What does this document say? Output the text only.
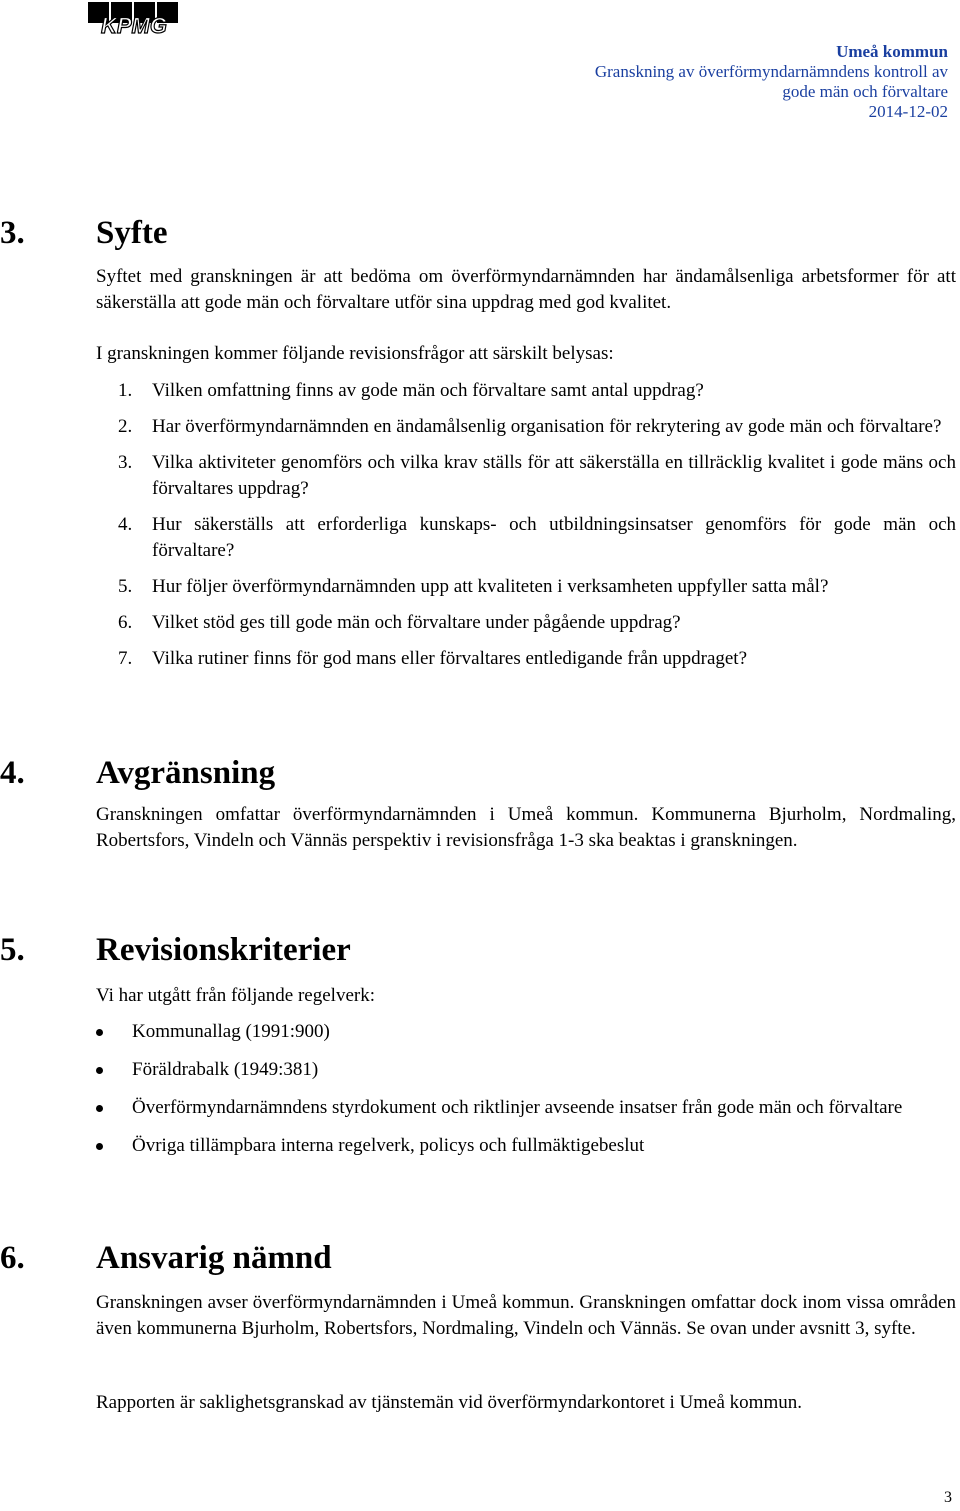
KPMG
Umeå kommun
Granskning av överförmyndarnämndens kontroll av
gode män och förvaltare
2014-12-02
3. Syfte
Syftet med granskningen är att bedöma om överförmyndarnämnden har ändamålsenliga arbetsformer för att säkerställa att gode män och förvaltare utför sina uppdrag med god kvalitet.
I granskningen kommer följande revisionsfrågor att särskilt belysas:
1. Vilken omfattning finns av gode män och förvaltare samt antal uppdrag?
2. Har överförmyndarnämnden en ändamålsenlig organisation för rekrytering av gode män och förvaltare?
3. Vilka aktiviteter genomförs och vilka krav ställs för att säkerställa en tillräcklig kvalitet i gode mäns och förvaltares uppdrag?
4. Hur säkerställs att erforderliga kunskaps- och utbildningsinsatser genomförs för gode män och förvaltare?
5. Hur följer överförmyndarnämnden upp att kvaliteten i verksamheten uppfyller satta mål?
6. Vilket stöd ges till gode män och förvaltare under pågående uppdrag?
7. Vilka rutiner finns för god mans eller förvaltares entledigande från uppdraget?
4. Avgränsning
Granskningen omfattar överförmyndarnämnden i Umeå kommun. Kommunerna Bjurholm, Nordmaling, Robertsfors, Vindeln och Vännäs perspektiv i revisionsfråga 1-3 ska beaktas i granskningen.
5. Revisionskriterier
Vi har utgått från följande regelverk:
Kommunallag (1991:900)
Föräldrabalk (1949:381)
Överförmyndarnämndens styrdokument och riktlinjer avseende insatser från gode män och förvaltare
Övriga tillämpbara interna regelverk, policys och fullmäktigebeslut
6. Ansvarig nämnd
Granskningen avser överförmyndarnämnden i Umeå kommun. Granskningen omfattar dock inom vissa områden även kommunerna Bjurholm, Robertsfors, Nordmaling, Vindeln och Vännäs. Se ovan under avsnitt 3, syfte.
Rapporten är saklighetsgranskad av tjänstemän vid överförmyndarkontoret i Umeå kommun.
3
